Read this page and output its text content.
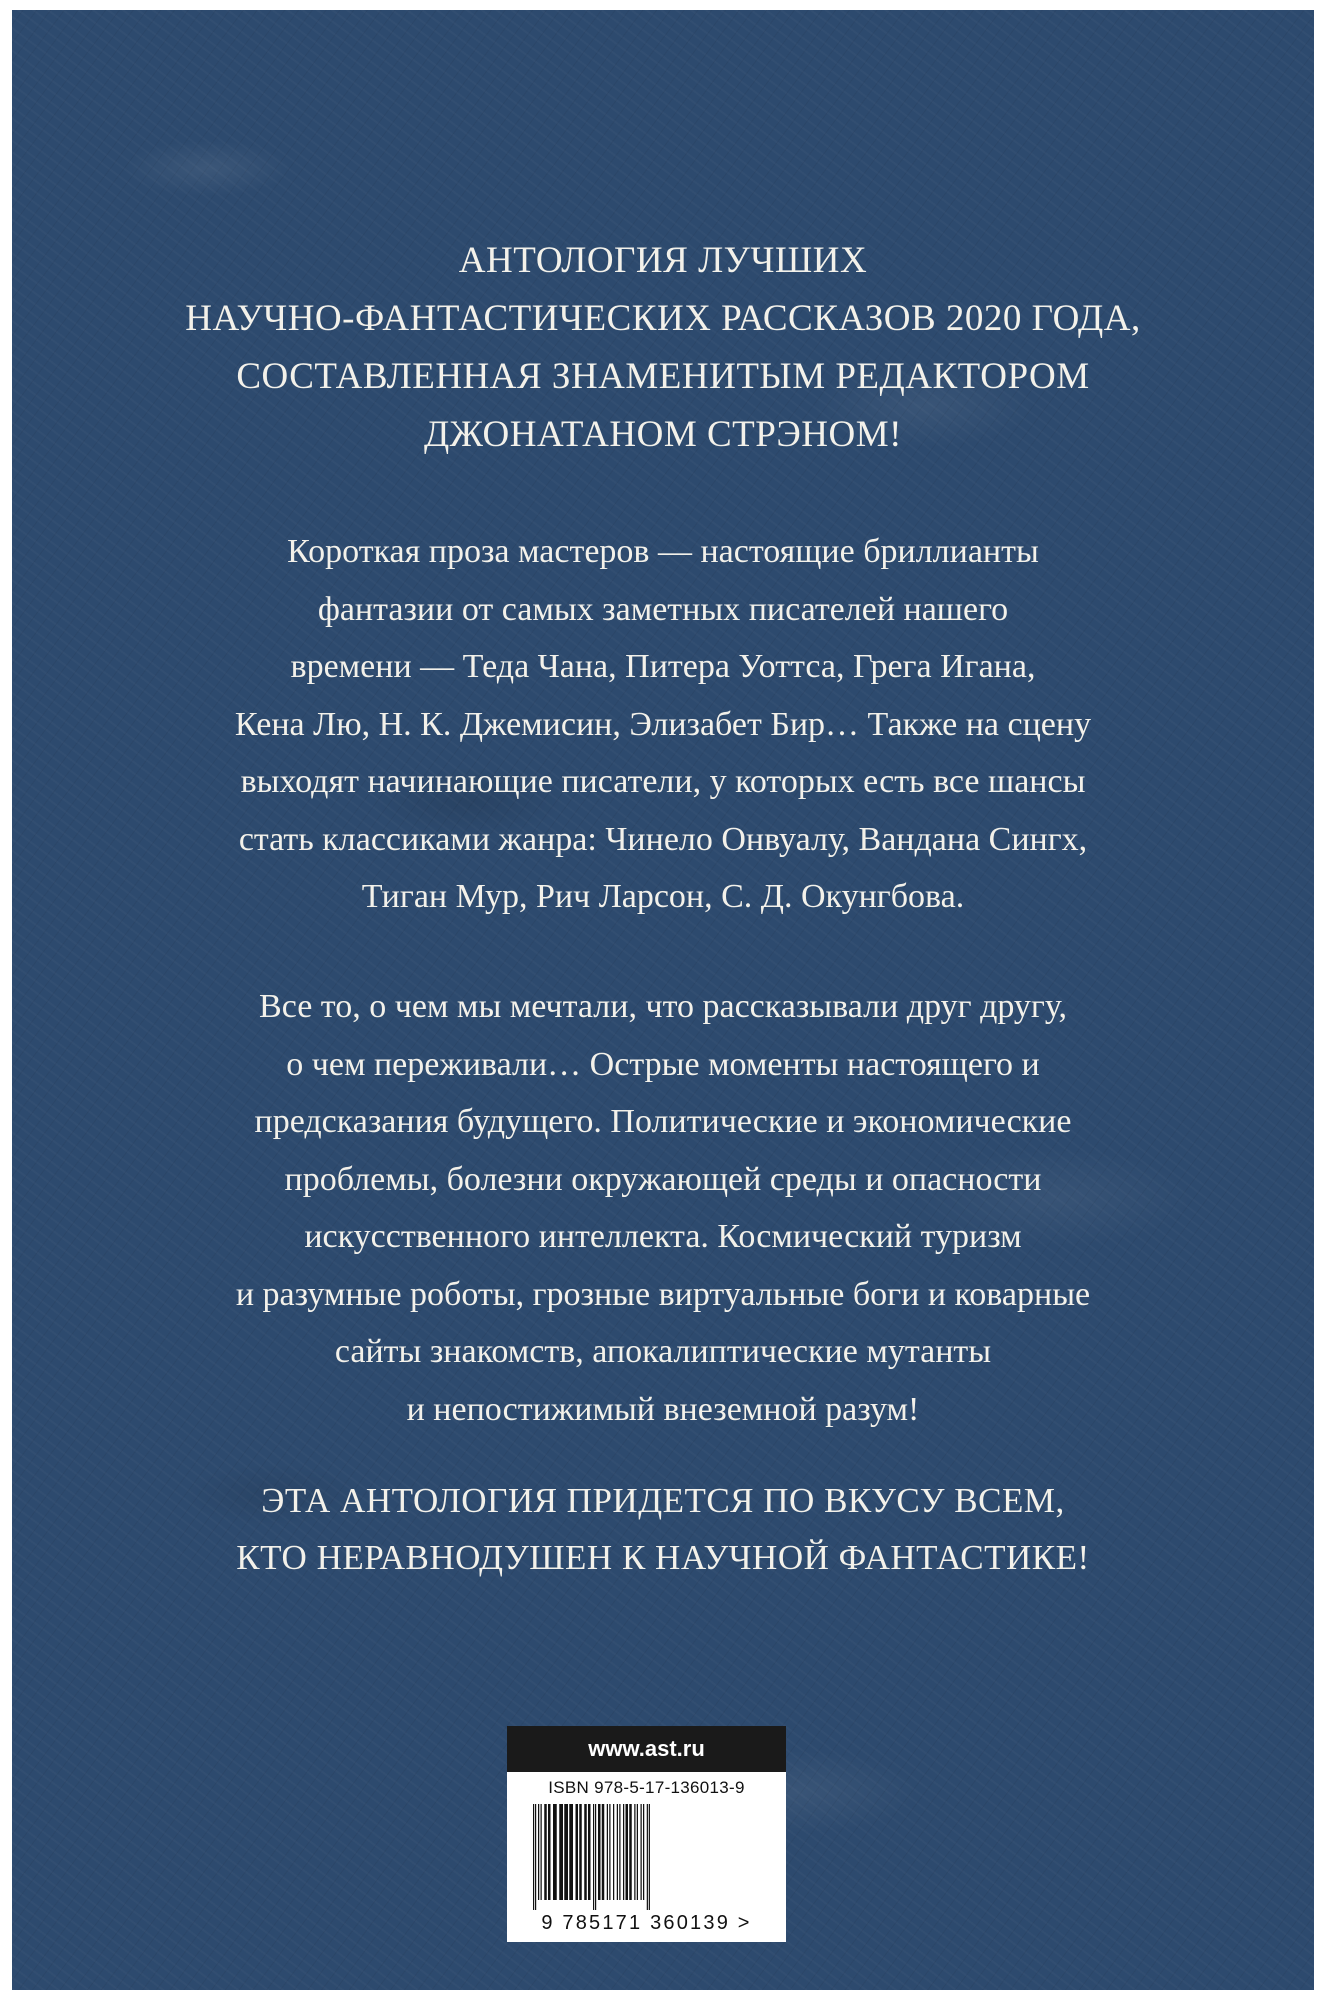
АНТОЛОГИЯ ЛУЧШИХ
НАУЧНО-ФАНТАСТИЧЕСКИХ РАССКАЗОВ 2020 ГОДА,
СОСТАВЛЕННАЯ ЗНАМЕНИТЫМ РЕДАКТОРОМ
ДЖОНАТАНОМ СТРЭНОМ!
Короткая проза мастеров — настоящие бриллианты
фантазии от самых заметных писателей нашего
времени — Теда Чана, Питера Уоттса, Грега Игана,
Кена Лю, Н. К. Джемисин, Элизабет Бир… Также на сцену
выходят начинающие писатели, у которых есть все шансы
стать классиками жанра: Чинело Онвуалу, Вандана Сингх,
Тиган Мур, Рич Ларсон, С. Д. Окунгбова.
Все то, о чем мы мечтали, что рассказывали друг другу,
о чем переживали… Острые моменты настоящего и
предсказания будущего. Политические и экономические
проблемы, болезни окружающей среды и опасности
искусственного интеллекта. Космический туризм
и разумные роботы, грозные виртуальные боги и коварные
сайты знакомств, апокалиптические мутанты
и непостижимый внеземной разум!
ЭТА АНТОЛОГИЯ ПРИДЕТСЯ ПО ВКУСУ ВСЕМ,
КТО НЕРАВНОДУШЕН К НАУЧНОЙ ФАНТАСТИКЕ!
www.ast.ru
ISBN 978-5-17-136013-9
9 785171 360139 >
